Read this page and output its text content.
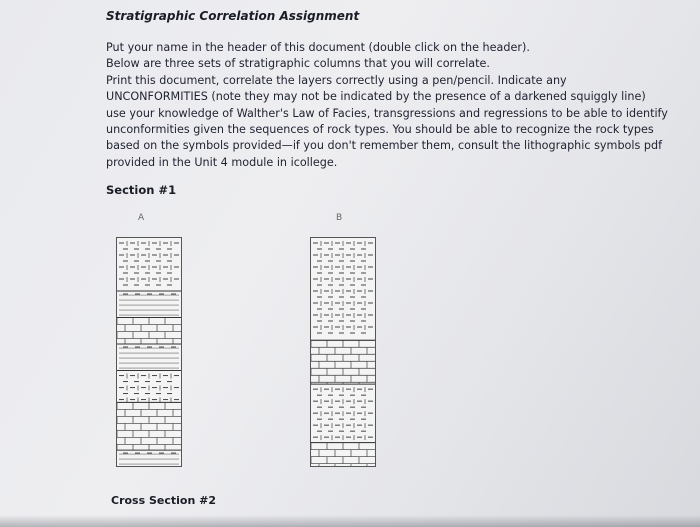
Stratigraphic Correlation Assignment
Put your name in the header of this document (double click on the header).
Below are three sets of stratigraphic columns that you will correlate.
Print this document, correlate the layers correctly using a pen/pencil. Indicate any
UNCONFORMITIES (note they may not be indicated by the presence of a darkened squiggly line)
use your knowledge of Walther's Law of Facies, transgressions and regressions to be able to identify
unconformities given the sequences of rock types. You should be able to recognize the rock types
based on the symbols provided—if you don't remember them, consult the lithographic symbols pdf
provided in the Unit 4 module in icollege.
Section #1
A	B
Cross Section #2
